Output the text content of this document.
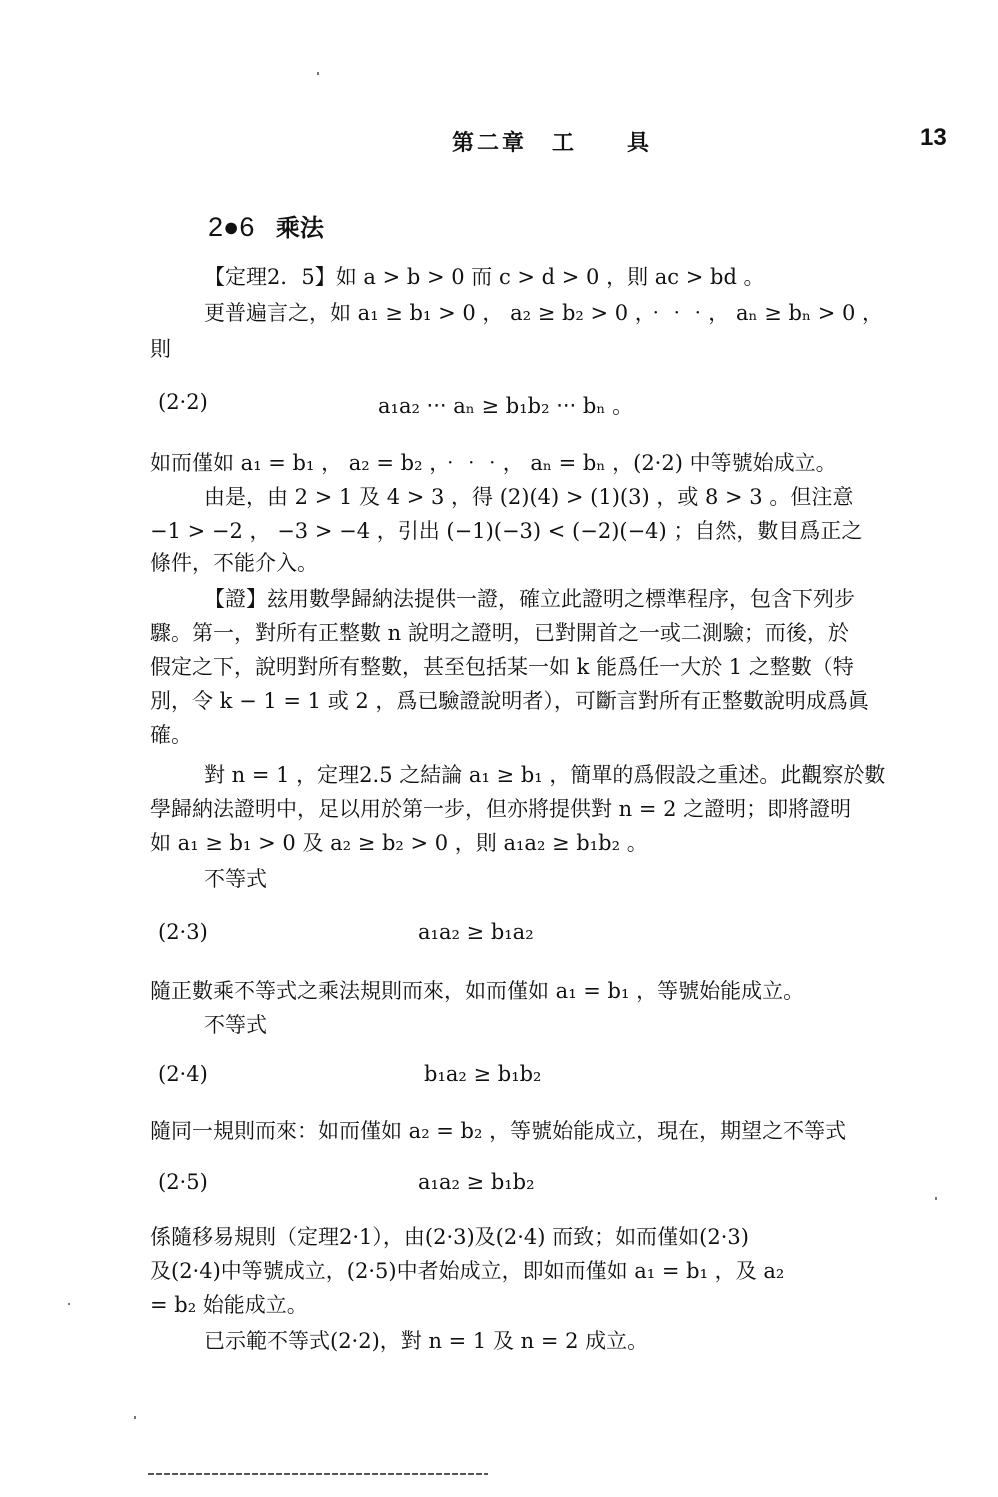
第二章　工　　具	13
2●6 乘法
【定理2．5】如 a > b > 0 而 c > d > 0 ，則 ac > bd 。
更普遍言之，如 a₁ ≥ b₁ > 0 ， a₂ ≥ b₂ > 0 ，‧‧‧， aₙ ≥ bₙ > 0 ，
則
(2·2)	a₁a₂ ‧‧‧ aₙ ≥ b₁b₂ ‧‧‧ bₙ 。
如而僅如 a₁ = b₁ ， a₂ = b₂ ，‧‧‧， aₙ = bₙ ，(2·2) 中等號始成立。
由是，由 2 > 1 及 4 > 3 ，得 (2)(4) > (1)(3) ，或 8 > 3 。但注意
−1 > −2 ， −3 > −4 ，引出 (−1)(−3) < (−2)(−4) ；自然，數目爲正之
條件，不能介入。
【證】玆用數學歸納法提供一證，確立此證明之標準程序，包含下列步
驟。第一，對所有正整數 n 說明之證明，已對開首之一或二測驗；而後，於
假定之下，說明對所有整數，甚至包括某一如 k 能爲任一大於 1 之整數（特
別，令 k − 1 = 1 或 2 ，爲已驗證說明者），可斷言對所有正整數說明成爲眞
確。
對 n = 1 ，定理2.5 之結論 a₁ ≥ b₁ ，簡單的爲假設之重述。此觀察於數
學歸納法證明中，足以用於第一步，但亦將提供對 n = 2 之證明；即將證明
如 a₁ ≥ b₁ > 0 及 a₂ ≥ b₂ > 0 ，則 a₁a₂ ≥ b₁b₂ 。
不等式
(2·3)	a₁a₂ ≥ b₁a₂
隨正數乘不等式之乘法規則而來，如而僅如 a₁ = b₁ ，等號始能成立。
不等式
(2·4)	b₁a₂ ≥ b₁b₂
隨同一規則而來：如而僅如 a₂ = b₂ ，等號始能成立，現在，期望之不等式
(2·5)	a₁a₂ ≥ b₁b₂
係隨移易規則（定理2·1），由(2·3)及(2·4) 而致；如而僅如(2·3)
及(2·4)中等號成立，(2·5)中者始成立，即如而僅如 a₁ = b₁ ，及 a₂
= b₂ 始能成立。
已示範不等式(2·2)，對 n = 1 及 n = 2 成立。
